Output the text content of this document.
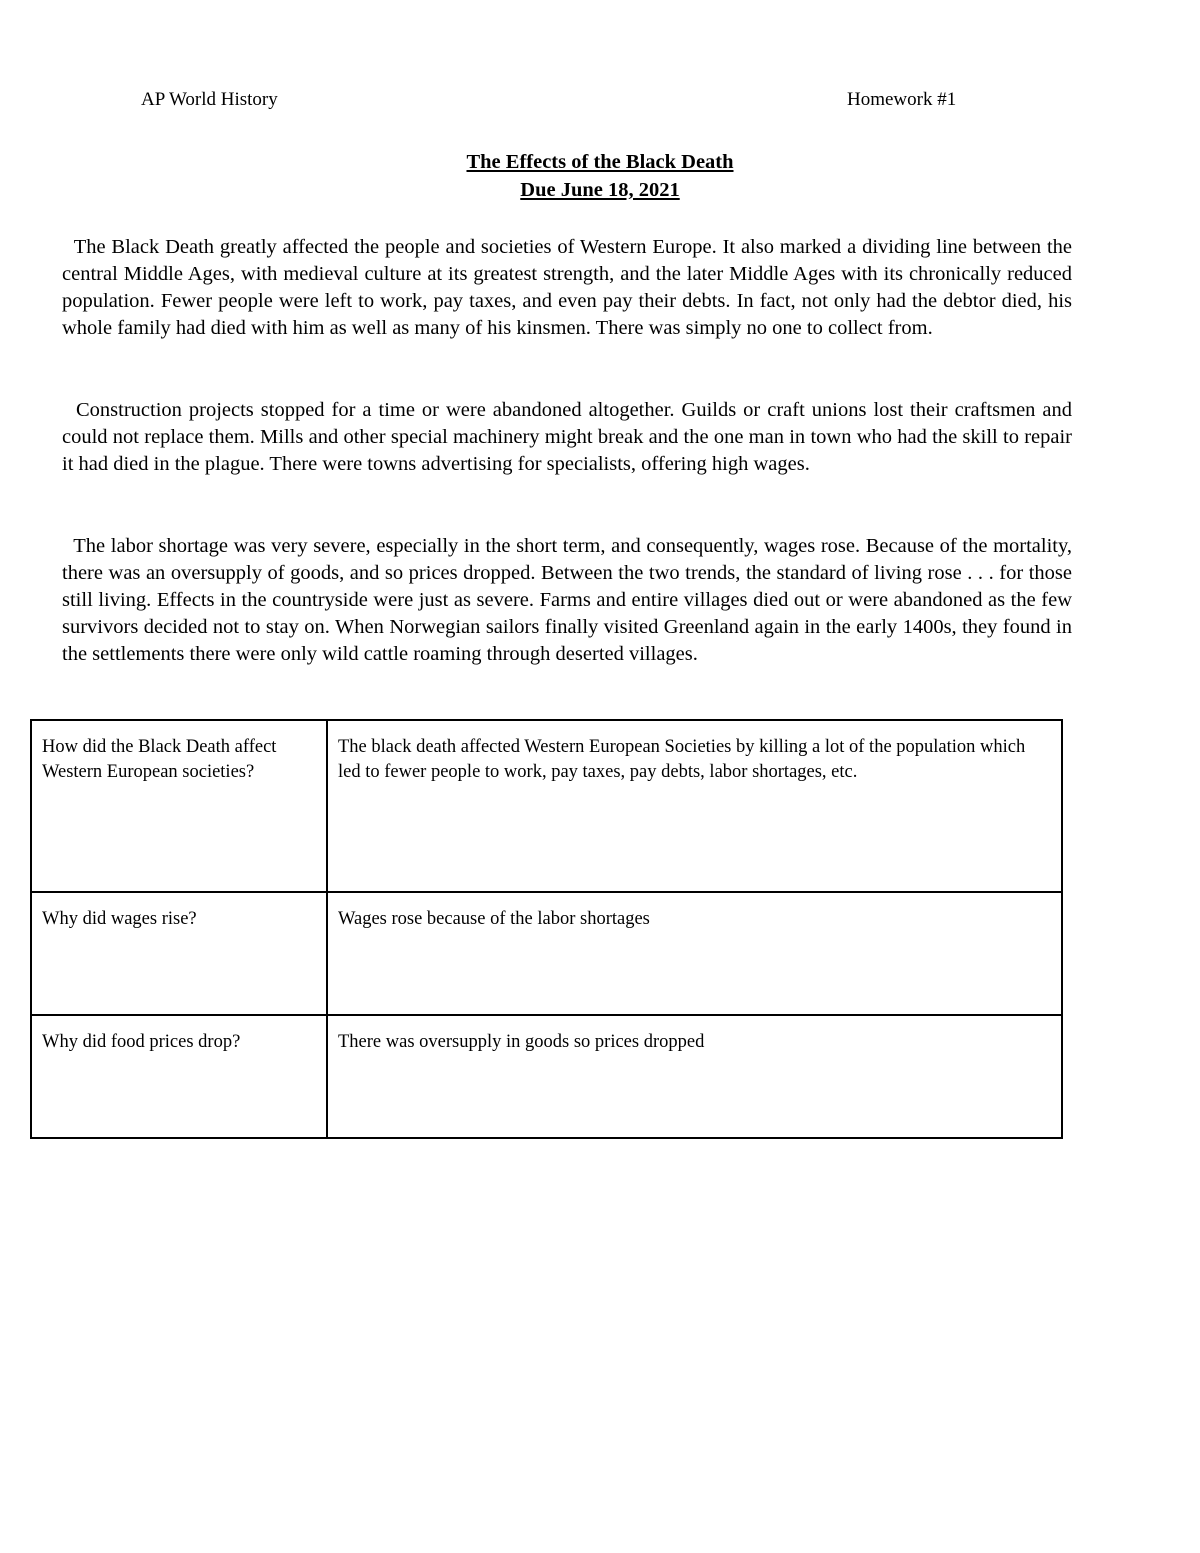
AP World History	Homework #1
The Effects of the Black Death
Due June 18, 2021

The Black Death greatly affected the people and societies of Western Europe. It also marked a dividing line between the central Middle Ages, with medieval culture at its greatest strength, and the later Middle Ages with its chronically reduced population. Fewer people were left to work, pay taxes, and even pay their debts. In fact, not only had the debtor died, his whole family had died with him as well as many of his kinsmen. There was simply no one to collect from.

Construction projects stopped for a time or were abandoned altogether. Guilds or craft unions lost their craftsmen and could not replace them. Mills and other special machinery might break and the one man in town who had the skill to repair it had died in the plague. There were towns advertising for specialists, offering high wages.

The labor shortage was very severe, especially in the short term, and consequently, wages rose. Because of the mortality, there was an oversupply of goods, and so prices dropped. Between the two trends, the standard of living rose . . . for those still living. Effects in the countryside were just as severe. Farms and entire villages died out or were abandoned as the few survivors decided not to stay on. When Norwegian sailors finally visited Greenland again in the early 1400s, they found in the settlements there were only wild cattle roaming through deserted villages.

How did the Black Death affect Western European societies?	The black death affected Western European Societies by killing a lot of the population which led to fewer people to work, pay taxes, pay debts, labor shortages, etc.
Why did wages rise?	Wages rose because of the labor shortages
Why did food prices drop?	There was oversupply in goods so prices dropped
